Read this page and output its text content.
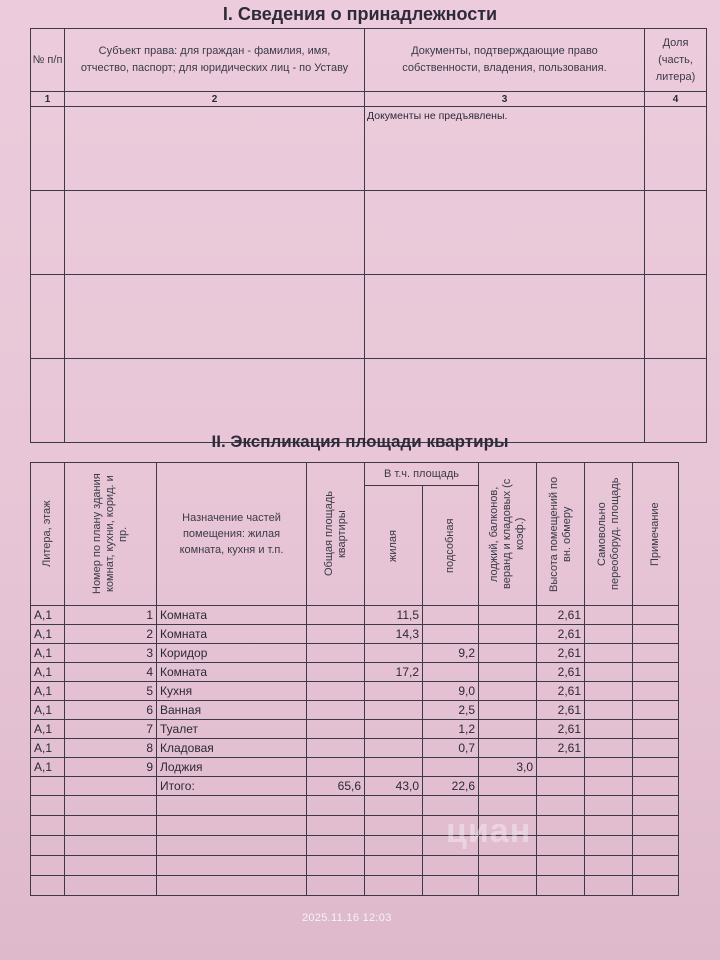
I. Сведения о принадлежности
№ п/п	Субъект права: для граждан - фамилия, имя, отчество, паспорт; для юридических лиц - по Уставу	Документы, подтверждающие право собственности, владения, пользования.	Доля (часть, литера)
1	2	3	4
		Документы не предъявлены.	

II. Экспликация площади квартиры
Литера, этаж	Номер по плану здания комнат, кухни, корид. и пр.	Назначение частей помещения: жилая комната, кухня и т.п.	Общая площадь квартиры	В т.ч. площадь		лоджий, балконов, веранд и кладовых (с коэф.)	Высота помещений по вн. обмеру	Самовольно переоборуд. площадь	Примечание

				жилая	подсобная				

А,1	1	Комната		11,5			2,61		
А,1	2	Комната		14,3			2,61		
А,1	3	Коридор			9,2		2,61		
А,1	4	Комната		17,2			2,61		
А,1	5	Кухня			9,0		2,61		
А,1	6	Ванная			2,5		2,61		
А,1	7	Туалет			1,2		2,61		
А,1	8	Кладовая			0,7		2,61		
А,1	9	Лоджия				3,0			
		Итого:	65,6	43,0	22,6				

циан
2025.11.16 12:03
